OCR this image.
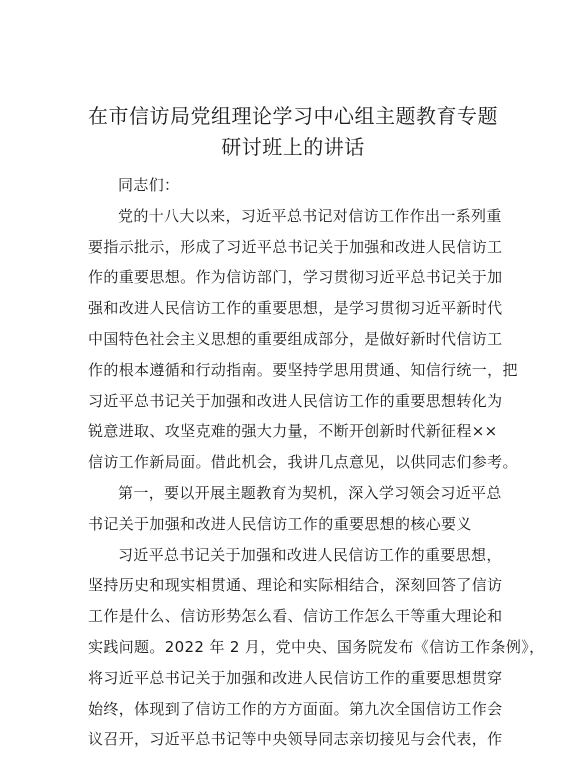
在市信访局党组理论学习中心组主题教育专题
研讨班上的讲话
同志们：
党的十八大以来，习近平总书记对信访工作作出一系列重
要指示批示，形成了习近平总书记关于加强和改进人民信访工
作的重要思想。作为信访部门，学习贯彻习近平总书记关于加
强和改进人民信访工作的重要思想，是学习贯彻习近平新时代
中国特色社会主义思想的重要组成部分，是做好新时代信访工
作的根本遵循和行动指南。要坚持学思用贯通、知信行统一，把
习近平总书记关于加强和改进人民信访工作的重要思想转化为
锐意进取、攻坚克难的强大力量，不断开创新时代新征程××
信访工作新局面。借此机会，我讲几点意见，以供同志们参考。
第一，要以开展主题教育为契机，深入学习领会习近平总
书记关于加强和改进人民信访工作的重要思想的核心要义
习近平总书记关于加强和改进人民信访工作的重要思想，
坚持历史和现实相贯通、理论和实际相结合，深刻回答了信访
工作是什么、信访形势怎么看、信访工作怎么干等重大理论和
实践问题。2022 年 2 月，党中央、国务院发布《信访工作条例》，
将习近平总书记关于加强和改进人民信访工作的重要思想贯穿
始终，体现到了信访工作的方方面面。第九次全国信访工作会
议召开，习近平总书记等中央领导同志亲切接见与会代表，作
